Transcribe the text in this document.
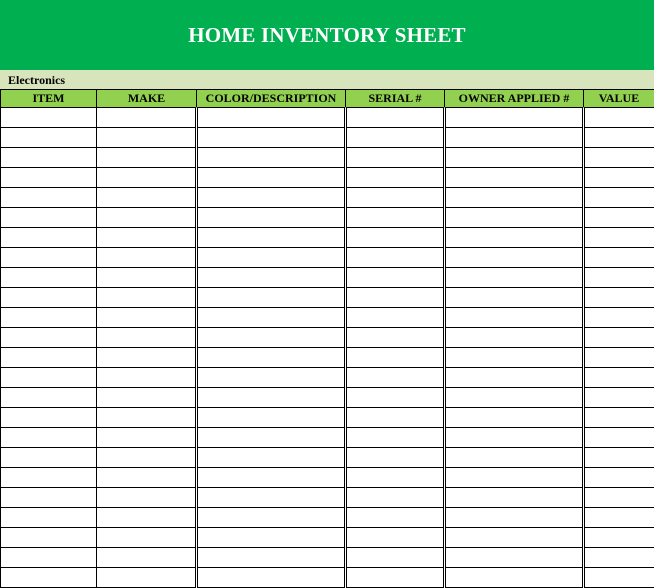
HOME INVENTORY SHEET
Electronics
ITEM	MAKE	COLOR/DESCRIPTION	SERIAL #	OWNER APPLIED #	VALUE
